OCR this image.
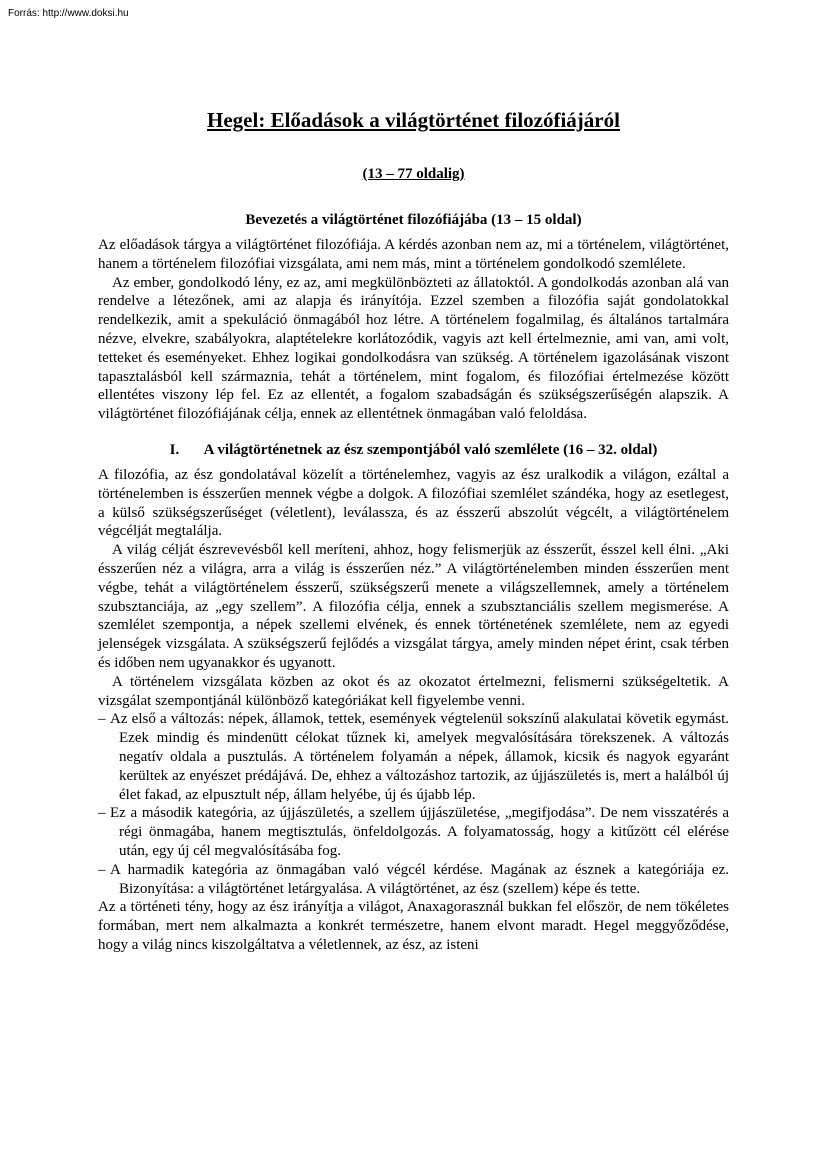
Forrás: http://www.doksi.hu
Hegel: Előadások a világtörténet filozófiájáról
(13 – 77 oldalig)
Bevezetés a világtörténet filozófiájába (13 – 15 oldal)

Az előadások tárgya a világtörténet filozófiája. A kérdés azonban nem az, mi a történelem, világtörténet, hanem a történelem filozófiai vizsgálata, ami nem más, mint a történelem gondolkodó szemlélete.

Az ember, gondolkodó lény, ez az, ami megkülönbözteti az állatoktól. A gondolkodás azonban alá van rendelve a létezőnek, ami az alapja és irányítója. Ezzel szemben a filozófia saját gondolatokkal rendelkezik, amit a spekuláció önmagából hoz létre. A történelem fogalmilag, és általános tartalmára nézve, elvekre, szabályokra, alaptételekre korlátozódik, vagyis azt kell értelmeznie, ami van, ami volt, tetteket és eseményeket. Ehhez logikai gondolkodásra van szükség. A történelem igazolásának viszont tapasztalásból kell származnia, tehát a történelem, mint fogalom, és filozófiai értelmezése között ellentétes viszony lép fel. Ez az ellentét, a fogalom szabadságán és szükségszerűségén alapszik. A világtörténet filozófiájának célja, ennek az ellentétnek önmagában való feloldása.

I. A világtörténetnek az ész szempontjából való szemlélete (16 – 32. oldal)

A filozófia, az ész gondolatával közelít a történelemhez, vagyis az ész uralkodik a világon, ezáltal a történelemben is ésszerűen mennek végbe a dolgok. A filozófiai szemlélet szándéka, hogy az esetlegest, a külső szükségszerűséget (véletlent), leválassza, és az ésszerű abszolút végcélt, a világtörténelem végcélját megtalálja.

A világ célját észrevevésből kell meríteni, ahhoz, hogy felismerjük az ésszerűt, ésszel kell élni. „Aki ésszerűen néz a világra, arra a világ is ésszerűen néz.” A világtörténelemben minden ésszerűen ment végbe, tehát a világtörténelem ésszerű, szükségszerű menete a világszellemnek, amely a történelem szubsztanciája, az „egy szellem”. A filozófia célja, ennek a szubsztanciális szellem megismerése. A szemlélet szempontja, a népek szellemi elvének, és ennek történetének szemlélete, nem az egyedi jelenségek vizsgálata. A szükségszerű fejlődés a vizsgálat tárgya, amely minden népet érint, csak térben és időben nem ugyanakkor és ugyanott.

A történelem vizsgálata közben az okot és az okozatot értelmezni, felismerni szükségeltetik. A vizsgálat szempontjánál különböző kategóriákat kell figyelembe venni.

– Az első a változás: népek, államok, tettek, események végtelenül sokszínű alakulatai követik egymást. Ezek mindig és mindenütt célokat tűznek ki, amelyek megvalósítására törekszenek. A változás negatív oldala a pusztulás. A történelem folyamán a népek, államok, kicsik és nagyok egyaránt kerültek az enyészet prédájává. De, ehhez a változáshoz tartozik, az újjászületés is, mert a halálból új élet fakad, az elpusztult nép, állam helyébe, új és újabb lép.
– Ez a második kategória, az újjászületés, a szellem újjászületése, „megifjodása”. De nem visszatérés a régi önmagába, hanem megtisztulás, önfeldolgozás. A folyamatosság, hogy a kitűzött cél elérése után, egy új cél megvalósításába fog.
– A harmadik kategória az önmagában való végcél kérdése. Magának az észnek a kategóriája ez. Bizonyítása: a világtörténet letárgyalása. A világtörténet, az ész (szellem) képe és tette.

Az a történeti tény, hogy az ész irányítja a világot, Anaxagorasznál bukkan fel először, de nem tökéletes formában, mert nem alkalmazta a konkrét természetre, hanem elvont maradt. Hegel meggyőződése, hogy a világ nincs kiszolgáltatva a véletlennek, az ész, az isteni
